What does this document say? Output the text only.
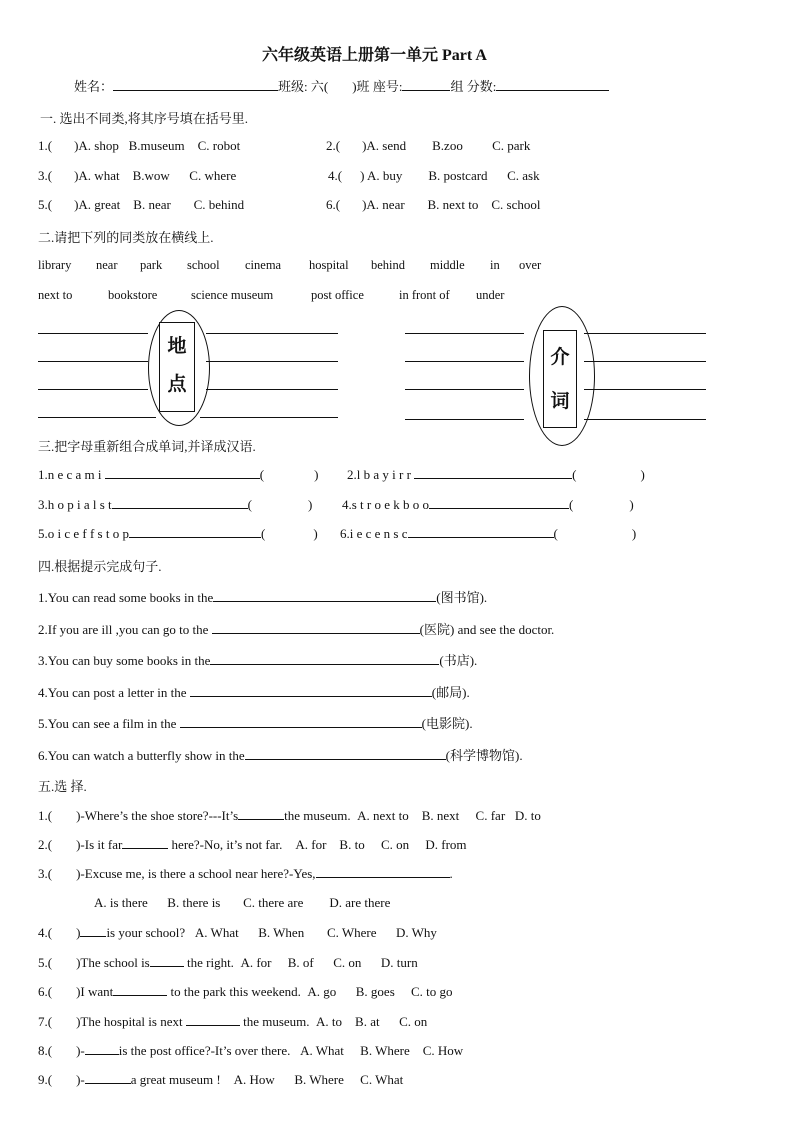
六年级英语上册第一单元 Part A
姓名：	班级: 六( )班 座号:	组 分数:
一. 选出不同类,将其序号填在括号里.
1.( )A. shop B.museum C. robot	2.( )A. send B.zoo C. park
3.( )A. what B.wow C. where	4.( ) A. buy B. postcard C. ask
5.( )A. great B. near C. behind	6.( )A. near B. next to C. school
二.请把下列的同类放在横线上.
library near park school cinema hospital behind middle in over
next to	bookstore	science museum	post office	in front of under
地
点
介
词
三.把字母重新组合成单词,并译成汉语.
1.n e c a m i	(	) 2.l b a y i r r	(	)
3.h o p i a l s t	(	) 4.s t r o e k b o o	(	)
5.o i c e f f s t o p	(	) 6.i e c e n s c	(	)
四.根据提示完成句子.
1.You can read some books in the	(图书馆).
2.If you are ill ,you can go to the	(医院) and see the doctor.
3.You can buy some books in the	(书店).
4.You can post a letter in the	(邮局).
5.You can see a film in the	(电影院).
6.You can watch a butterfly show in the	(科学博物馆).
五.选 择.
1.( )-Where’s the shoe store?---It’s	the museum. A. next to    B. next     C. far   D. to
2.( )-Is it far	here?-No, it’s not far. A. for    B. to     C. on     D. from
3.( )-Excuse me, is there a school near here?-Yes,	.
A. is there      B. there is       C. there are        D. are there
4.( ) is your school? A. What      B. When       C. Where      D. Why
5.( )The school is	the right. A. for     B. of      C. on      D. turn
6.( )I want	to the park this weekend. A. go      B. goes     C. to go
7.( )The hospital is next	the museum. A. to    B. at      C. on
8.( )-	is the post office?-It’s over there. A. What     B. Where    C. How
9.( )-	a great museum ! A. How      B. Where     C. What
